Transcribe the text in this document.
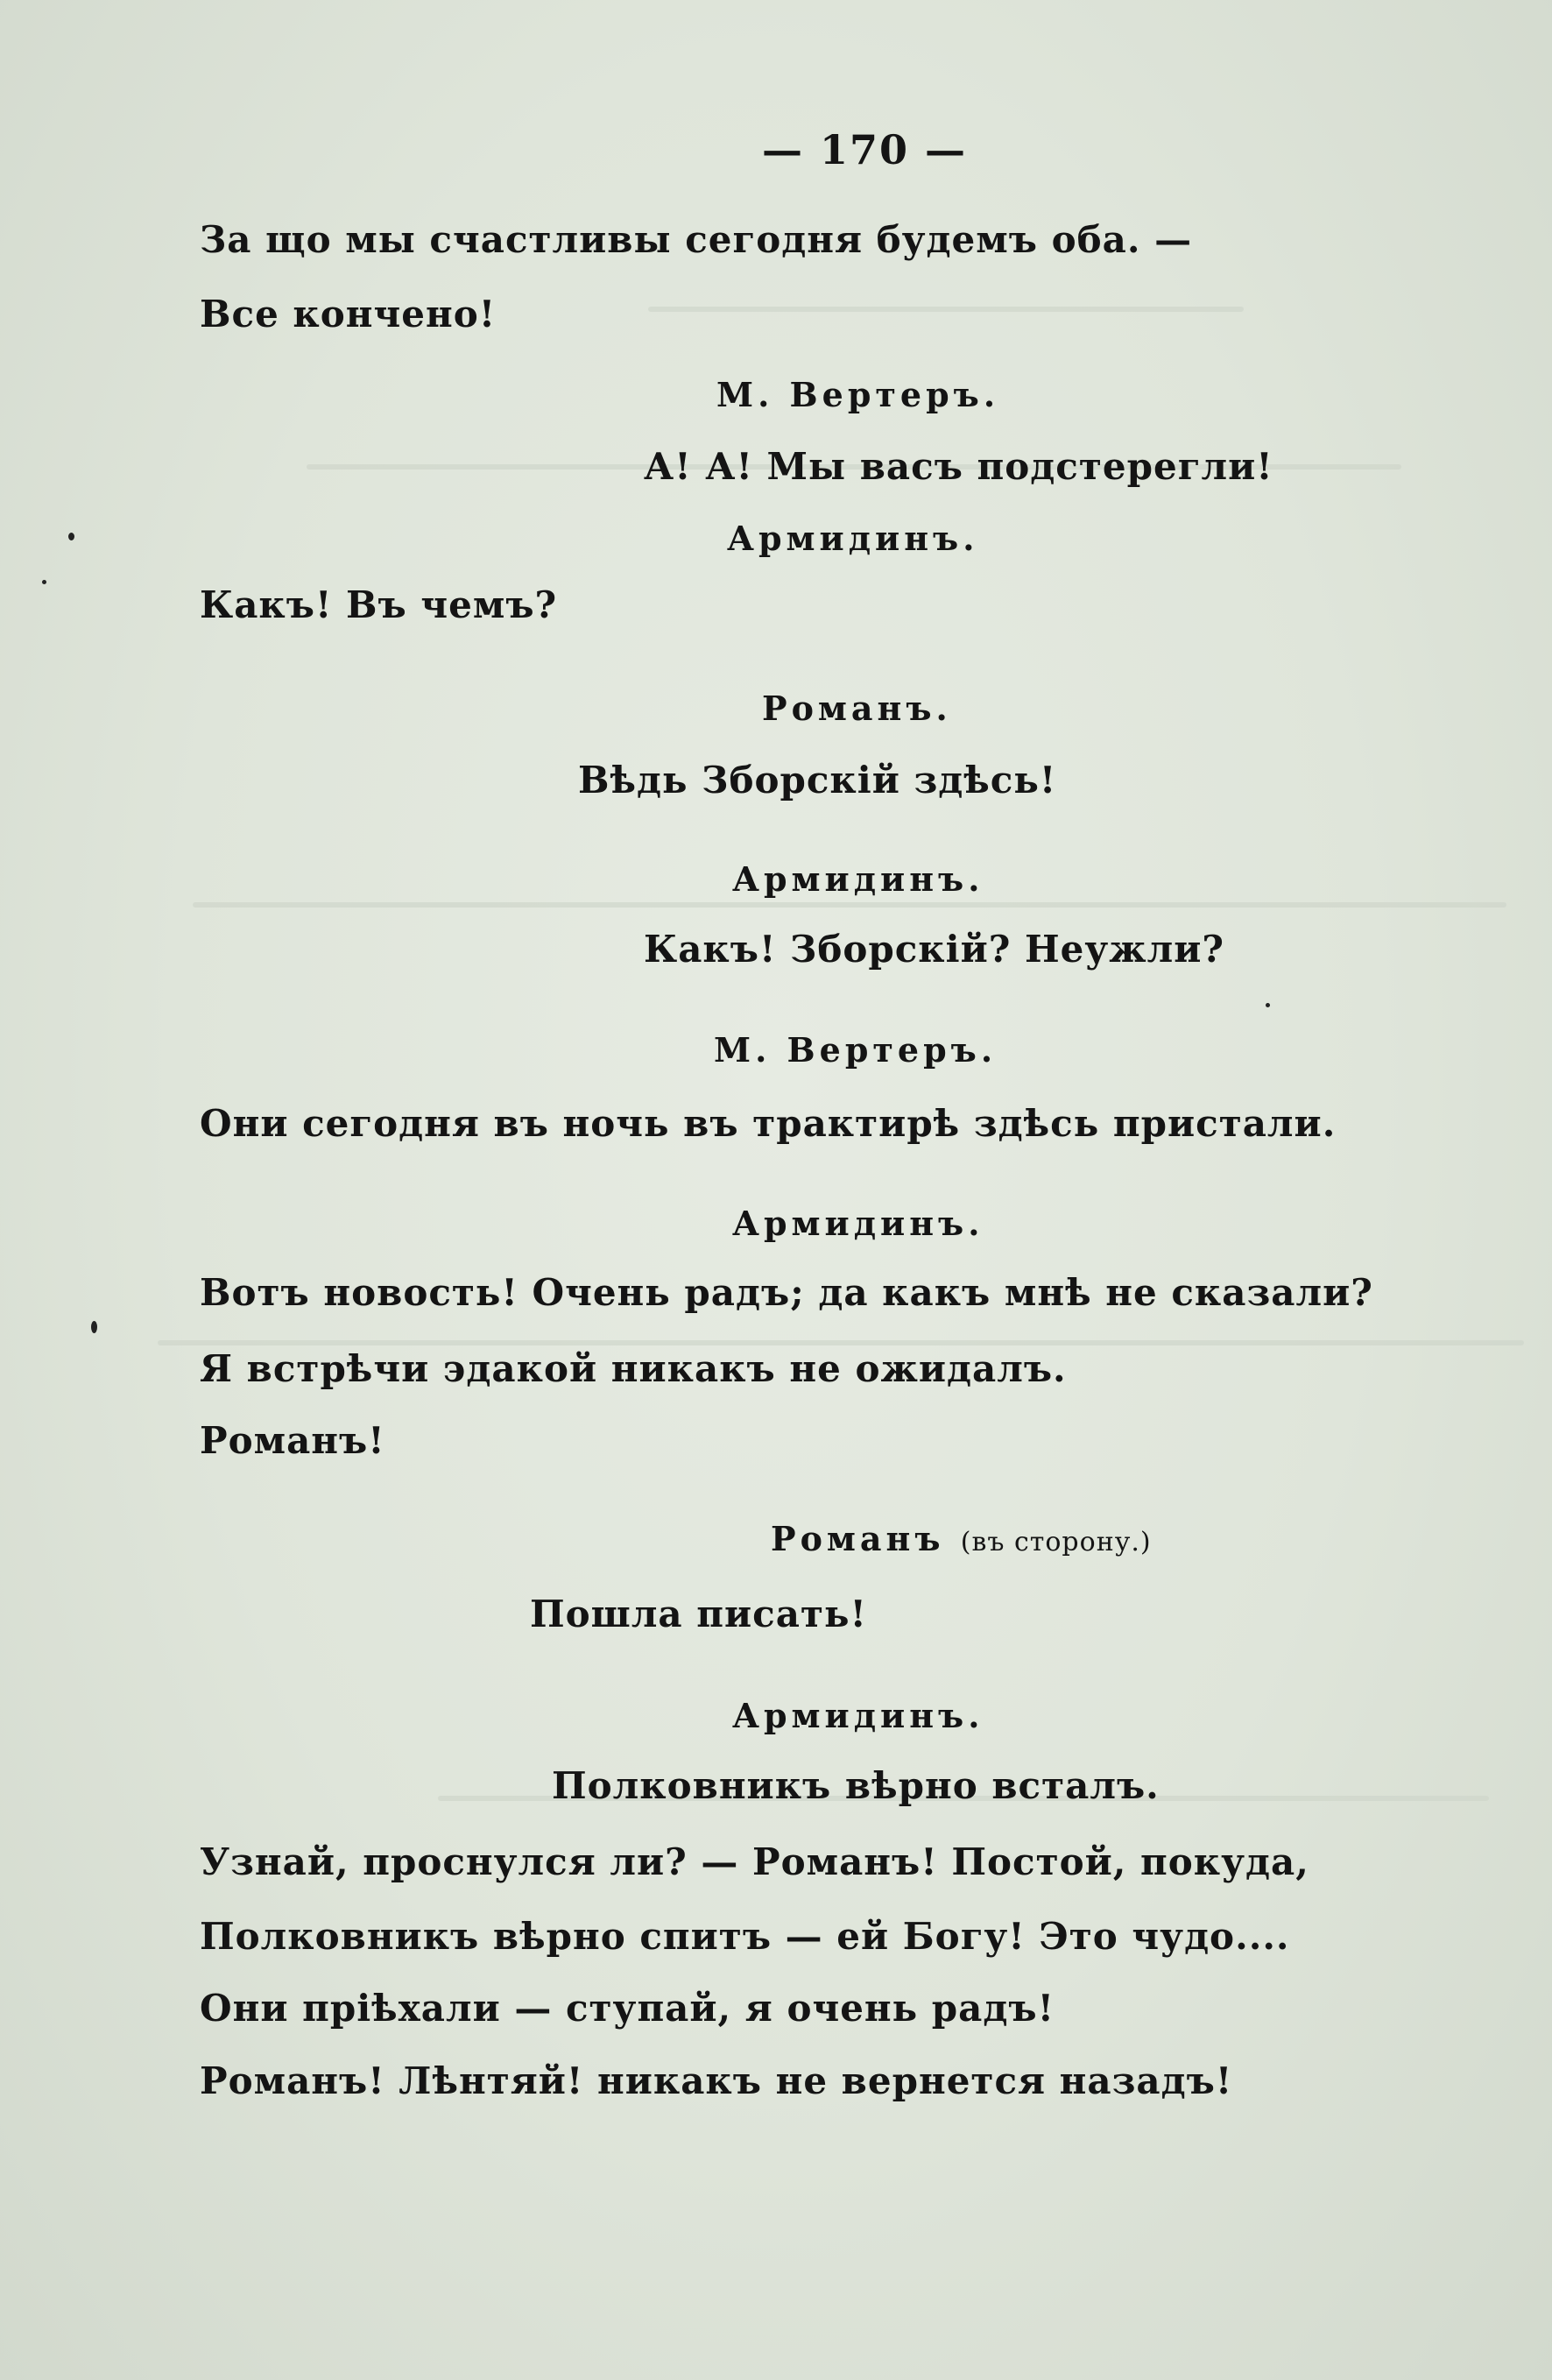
— 170 —
За що мы счастливы сегодня будемъ оба. —
Все кончено!
М. Вертеръ.
А! А! Мы васъ подстерегли!
Армидинъ.
Какъ! Въ чемъ?
Романъ.
Вѣдь Зборскій здѣсь!
Армидинъ.
Какъ! Зборскій? Неужли?
М. Вертеръ.
Они сегодня въ ночь въ трактирѣ здѣсь пристали.
Армидинъ.
Вотъ новость! Очень радъ; да какъ мнѣ не сказали?
Я встрѣчи эдакой никакъ не ожидалъ.
Романъ!
Романъ (въ сторону.)
Пошла писать!
Армидинъ.
Полковникъ вѣрно всталъ.
Узнай, проснулся ли? — Романъ! Постой, покуда,
Полковникъ вѣрно спитъ — ей Богу! Это чудо....
Они пріѣхали — ступай, я очень радъ!
Романъ! Лѣнтяй! никакъ не вернется назадъ!
